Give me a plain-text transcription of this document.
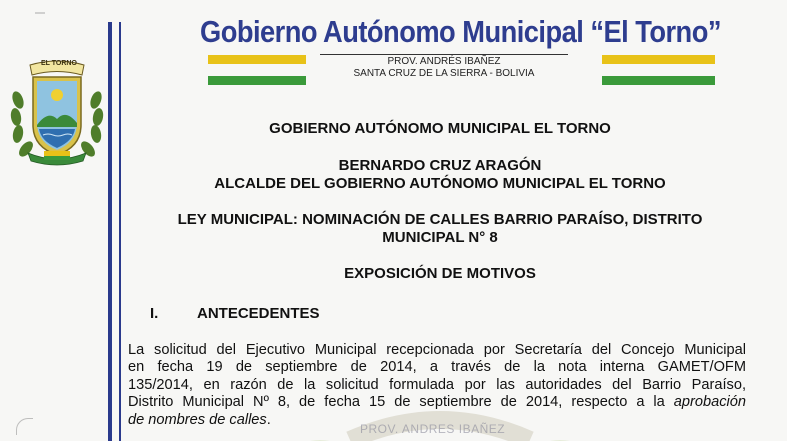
EL TORNO
Gobierno Autónomo Municipal “El Torno”
PROV. ANDRÉS IBAÑEZ
SANTA CRUZ DE LA SIERRA - BOLIVIA
GOBIERNO AUTÓNOMO MUNICIPAL EL TORNO
BERNARDO CRUZ ARAGÓN
ALCALDE DEL GOBIERNO AUTÓNOMO MUNICIPAL EL TORNO
LEY MUNICIPAL: NOMINACIÓN DE CALLES BARRIO PARAÍSO, DISTRITO
MUNICIPAL N° 8
EXPOSICIÓN DE MOTIVOS
I.	ANTECEDENTES
La solicitud del Ejecutivo Municipal recepcionada por Secretaría del Concejo Municipal
en fecha 19 de septiembre de 2014, a través de la nota interna GAMET/OFM
135/2014, en razón de la solicitud formulada por las autoridades del Barrio Paraíso,
Distrito Municipal Nº 8, de fecha 15 de septiembre de 2014, respecto a la aprobación
de nombres de calles.
PROV. ANDRES IBAÑEZ
